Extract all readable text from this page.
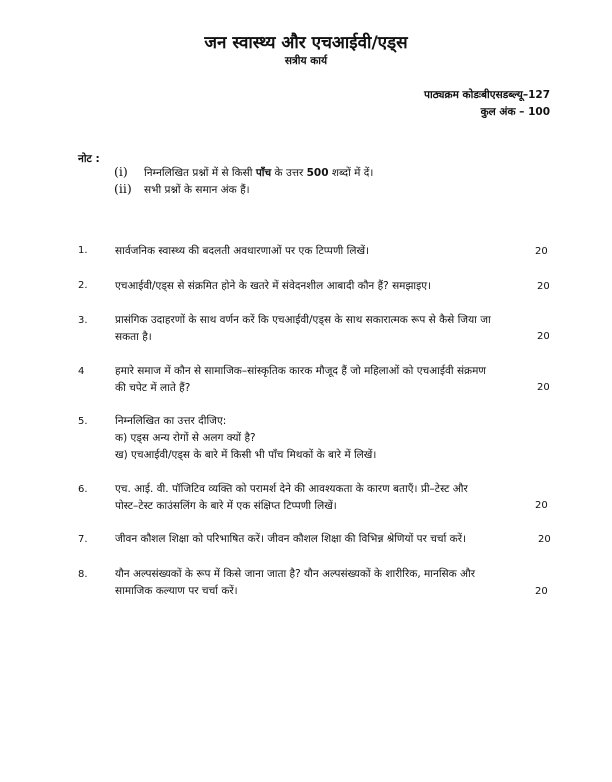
जन स्वास्थ्य और एचआईवी/एड्स
सत्रीय कार्य
पाठ्यक्रम कोडःबीएसडब्ल्यू–127
कुल अंक – 100
नोट :
(i) निम्नलिखित प्रश्नों में से किसी पाँच के उत्तर 500 शब्दों में दें।
(ii) सभी प्रश्नों के समान अंक हैं।
1.	सार्वजनिक स्वास्थ्य की बदलती अवधारणाओं पर एक टिप्पणी लिखें।	20
2.	एचआईवी/एड्स से संक्रमित होने के खतरे में संवेदनशील आबादी कौन हैं? समझाइए।	20
3.	प्रासंगिक उदाहरणों के साथ वर्णन करें कि एचआईवी/एड्स के साथ सकारात्मक रूप से कैसे जिया जा
सकता है।	20
4	हमारे समाज में कौन से सामाजिक–सांस्कृतिक कारक मौजूद हैं जो महिलाओं को एचआईवी संक्रमण
की चपेट में लाते हैं?	20
5.	निम्नलिखित का उत्तर दीजिए:
क) एड्स अन्य रोगों से अलग क्यों है?
ख) एचआईवी/एड्स के बारे में किसी भी पाँच मिथकों के बारे में लिखें।
6.	एच. आई. वी. पॉजिटिव व्यक्ति को परामर्श देने की आवश्यकता के कारण बताएँ। प्री–टेस्ट और
पोस्ट–टेस्ट काउंसलिंग के बारे में एक संक्षिप्त टिप्पणी लिखें।	20
7.	जीवन कौशल शिक्षा को परिभाषित करें। जीवन कौशल शिक्षा की विभिन्न श्रेणियों पर चर्चा करें।	20
8.	यौन अल्पसंख्यकों के रूप में किसे जाना जाता है? यौन अल्पसंख्यकों के शारीरिक, मानसिक और
सामाजिक कल्याण पर चर्चा करें।	20
